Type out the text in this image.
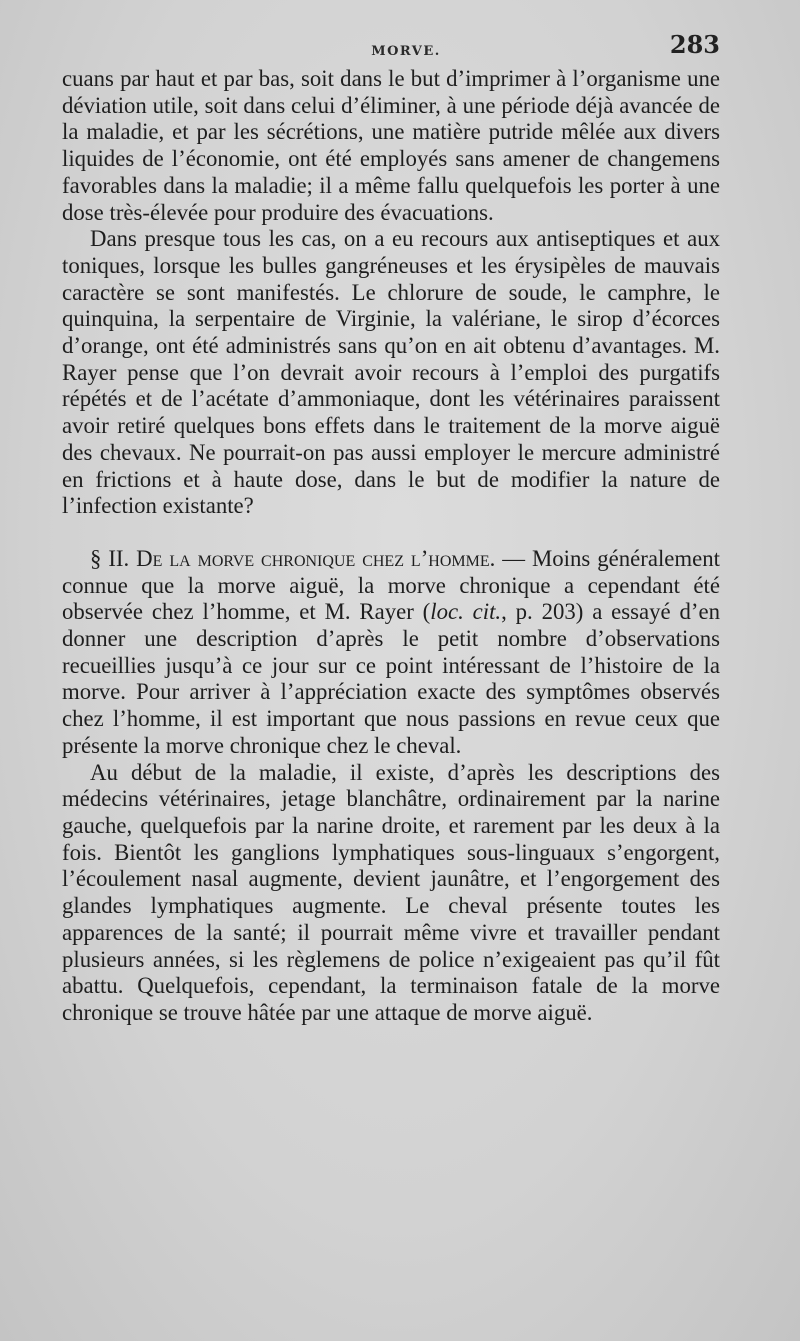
MORVE.	283

cuans par haut et par bas, soit dans le but d’imprimer à l’organisme une déviation utile, soit dans celui d’éliminer, à une période déjà avancée de la maladie, et par les sécrétions, une matière putride mêlée aux divers liquides de l’économie, ont été employés sans amener de changemens favorables dans la maladie; il a même fallu quelquefois les porter à une dose très-élevée pour produire des évacuations.

Dans presque tous les cas, on a eu recours aux antiseptiques et aux toniques, lorsque les bulles gangréneuses et les érysipèles de mauvais caractère se sont manifestés. Le chlorure de soude, le camphre, le quinquina, la serpentaire de Virginie, la valériane, le sirop d’écorces d’orange, ont été administrés sans qu’on en ait obtenu d’avantages. M. Rayer pense que l’on devrait avoir recours à l’emploi des purgatifs répétés et de l’acétate d’ammoniaque, dont les vétérinaires paraissent avoir retiré quelques bons effets dans le traitement de la morve aiguë des chevaux. Ne pourrait-on pas aussi employer le mercure administré en frictions et à haute dose, dans le but de modifier la nature de l’infection existante?

§ II. De la morve chronique chez l’homme. — Moins généralement connue que la morve aiguë, la morve chronique a cependant été observée chez l’homme, et M. Rayer (loc. cit., p. 203) a essayé d’en donner une description d’après le petit nombre d’observations recueillies jusqu’à ce jour sur ce point intéressant de l’histoire de la morve. Pour arriver à l’appréciation exacte des symptômes observés chez l’homme, il est important que nous passions en revue ceux que présente la morve chronique chez le cheval.

Au début de la maladie, il existe, d’après les descriptions des médecins vétérinaires, jetage blanchâtre, ordinairement par la narine gauche, quelquefois par la narine droite, et rarement par les deux à la fois. Bientôt les ganglions lymphatiques sous-linguaux s’engorgent, l’écoulement nasal augmente, devient jaunâtre, et l’engorgement des glandes lymphatiques augmente. Le cheval présente toutes les apparences de la santé; il pourrait même vivre et travailler pendant plusieurs années, si les règlemens de police n’exigeaient pas qu’il fût abattu. Quelquefois, cependant, la terminaison fatale de la morve chronique se trouve hâtée par une attaque de morve aiguë.
